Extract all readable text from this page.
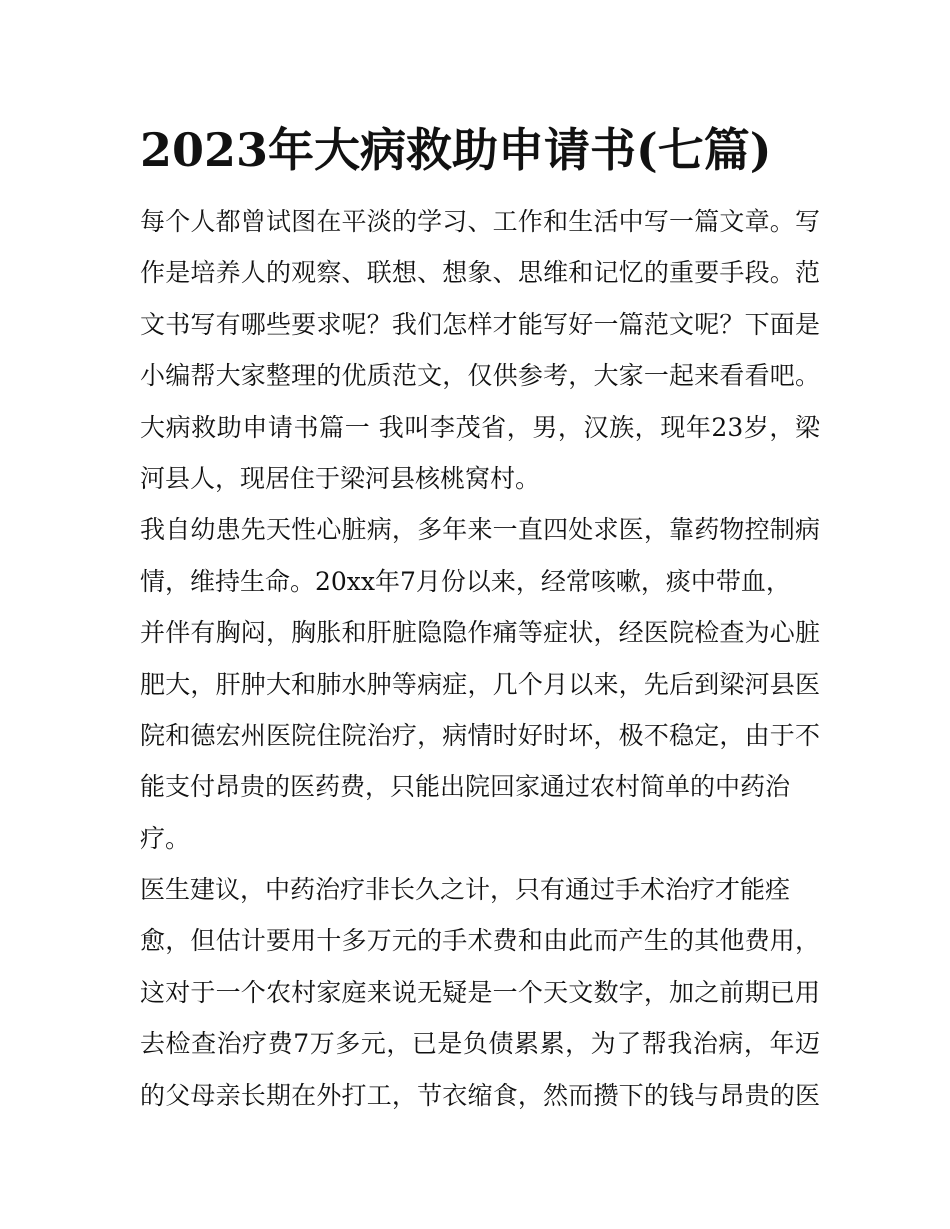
2023年大病救助申请书(七篇)
每个人都曾试图在平淡的学习、工作和生活中写一篇文章。写
作是培养人的观察、联想、想象、思维和记忆的重要手段。范
文书写有哪些要求呢？我们怎样才能写好一篇范文呢？下面是
小编帮大家整理的优质范文，仅供参考，大家一起来看看吧。
大病救助申请书篇一 我叫李茂省，男，汉族，现年23岁，梁
河县人，现居住于梁河县核桃窝村。
我自幼患先天性心脏病，多年来一直四处求医，靠药物控制病
情，维持生命。20xx年7月份以来，经常咳嗽，痰中带血，
并伴有胸闷，胸胀和肝脏隐隐作痛等症状，经医院检查为心脏
肥大，肝肿大和肺水肿等病症，几个月以来，先后到梁河县医
院和德宏州医院住院治疗，病情时好时坏，极不稳定，由于不
能支付昂贵的医药费，只能出院回家通过农村简单的中药治
疗。
医生建议，中药治疗非长久之计，只有通过手术治疗才能痊
愈，但估计要用十多万元的手术费和由此而产生的其他费用，
这对于一个农村家庭来说无疑是一个天文数字，加之前期已用
去检查治疗费7万多元，已是负债累累，为了帮我治病，年迈
的父母亲长期在外打工，节衣缩食，然而攒下的钱与昂贵的医
